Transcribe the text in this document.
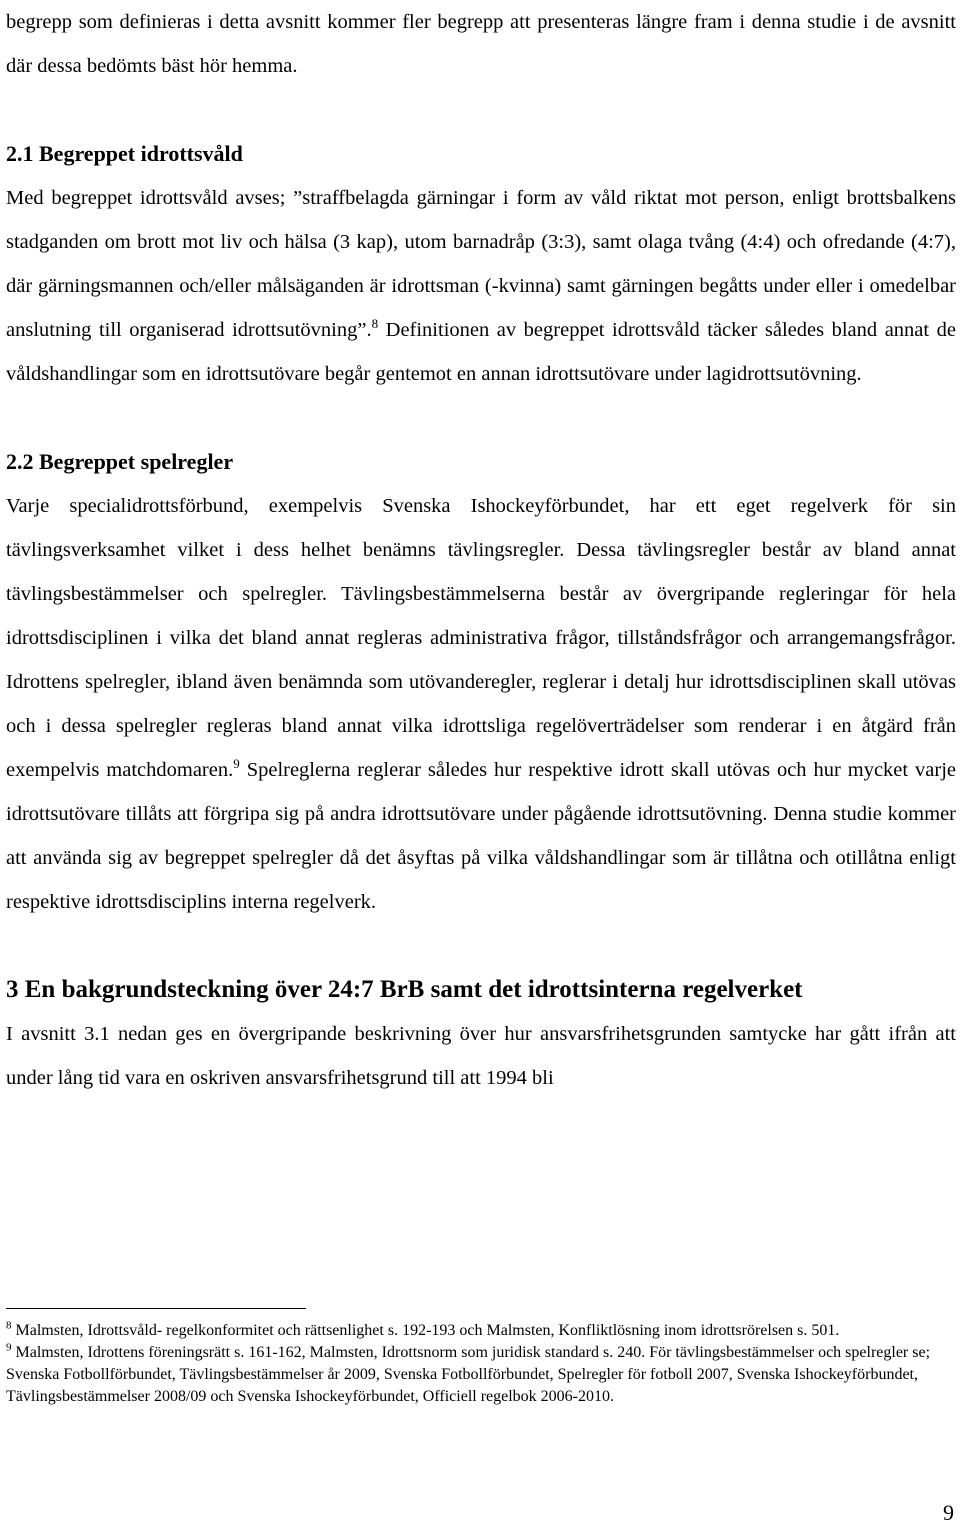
begrepp som definieras i detta avsnitt kommer fler begrepp att presenteras längre fram i denna studie i de avsnitt där dessa bedömts bäst hör hemma.

2.1 Begreppet idrottsvåld

Med begreppet idrottsvåld avses; ”straffbelagda gärningar i form av våld riktat mot person, enligt brottsbalkens stadganden om brott mot liv och hälsa (3 kap), utom barnadråp (3:3), samt olaga tvång (4:4) och ofredande (4:7), där gärningsmannen och/eller målsäganden är idrottsman (-kvinna) samt gärningen begåtts under eller i omedelbar anslutning till organiserad idrottsutövning”.$^8$ Definitionen av begreppet idrottsvåld täcker således bland annat de våldshandlingar som en idrottsutövare begår gentemot en annan idrottsutövare under lagidrottsutövning.

2.2 Begreppet spelregler

Varje specialidrottsförbund, exempelvis Svenska Ishockeyförbundet, har ett eget regelverk för sin tävlingsverksamhet vilket i dess helhet benämns tävlingsregler. Dessa tävlingsregler består av bland annat tävlingsbestämmelser och spelregler. Tävlingsbestämmelserna består av övergripande regleringar för hela idrottsdisciplinen i vilka det bland annat regleras administrativa frågor, tillståndsfrågor och arrangemangsfrågor. Idrottens spelregler, ibland även benämnda som utövanderegler, reglerar i detalj hur idrottsdisciplinen skall utövas och i dessa spelregler regleras bland annat vilka idrottsliga regelöverträdelser som renderar i en åtgärd från exempelvis matchdomaren.$^9$ Spelreglerna reglerar således hur respektive idrott skall utövas och hur mycket varje idrottsutövare tillåts att förgripa sig på andra idrottsutövare under pågående idrottsutövning. Denna studie kommer att använda sig av begreppet spelregler då det åsyftas på vilka våldshandlingar som är tillåtna och otillåtna enligt respektive idrottsdisciplins interna regelverk.

3 En bakgrundsteckning över 24:7 BrB samt det idrottsinterna regelverket

I avsnitt 3.1 nedan ges en övergripande beskrivning över hur ansvarsfrihetsgrunden samtycke har gått ifrån att under lång tid vara en oskriven ansvarsfrihetsgrund till att 1994 bli

$^8$ Malmsten, Idrottsvåld- regelkonformitet och rättsenlighet s. 192-193 och Malmsten, Konfliktlösning inom idrottsrörelsen s. 501.

$^9$ Malmsten, Idrottens föreningsrätt s. 161-162, Malmsten, Idrottsnorm som juridisk standard s. 240. För tävlingsbestämmelser och spelregler se; Svenska Fotbollförbundet, Tävlingsbestämmelser år 2009, Svenska Fotbollförbundet, Spelregler för fotboll 2007, Svenska Ishockeyförbundet, Tävlingsbestämmelser 2008/09 och Svenska Ishockeyförbundet, Officiell regelbok 2006-2010.

9
